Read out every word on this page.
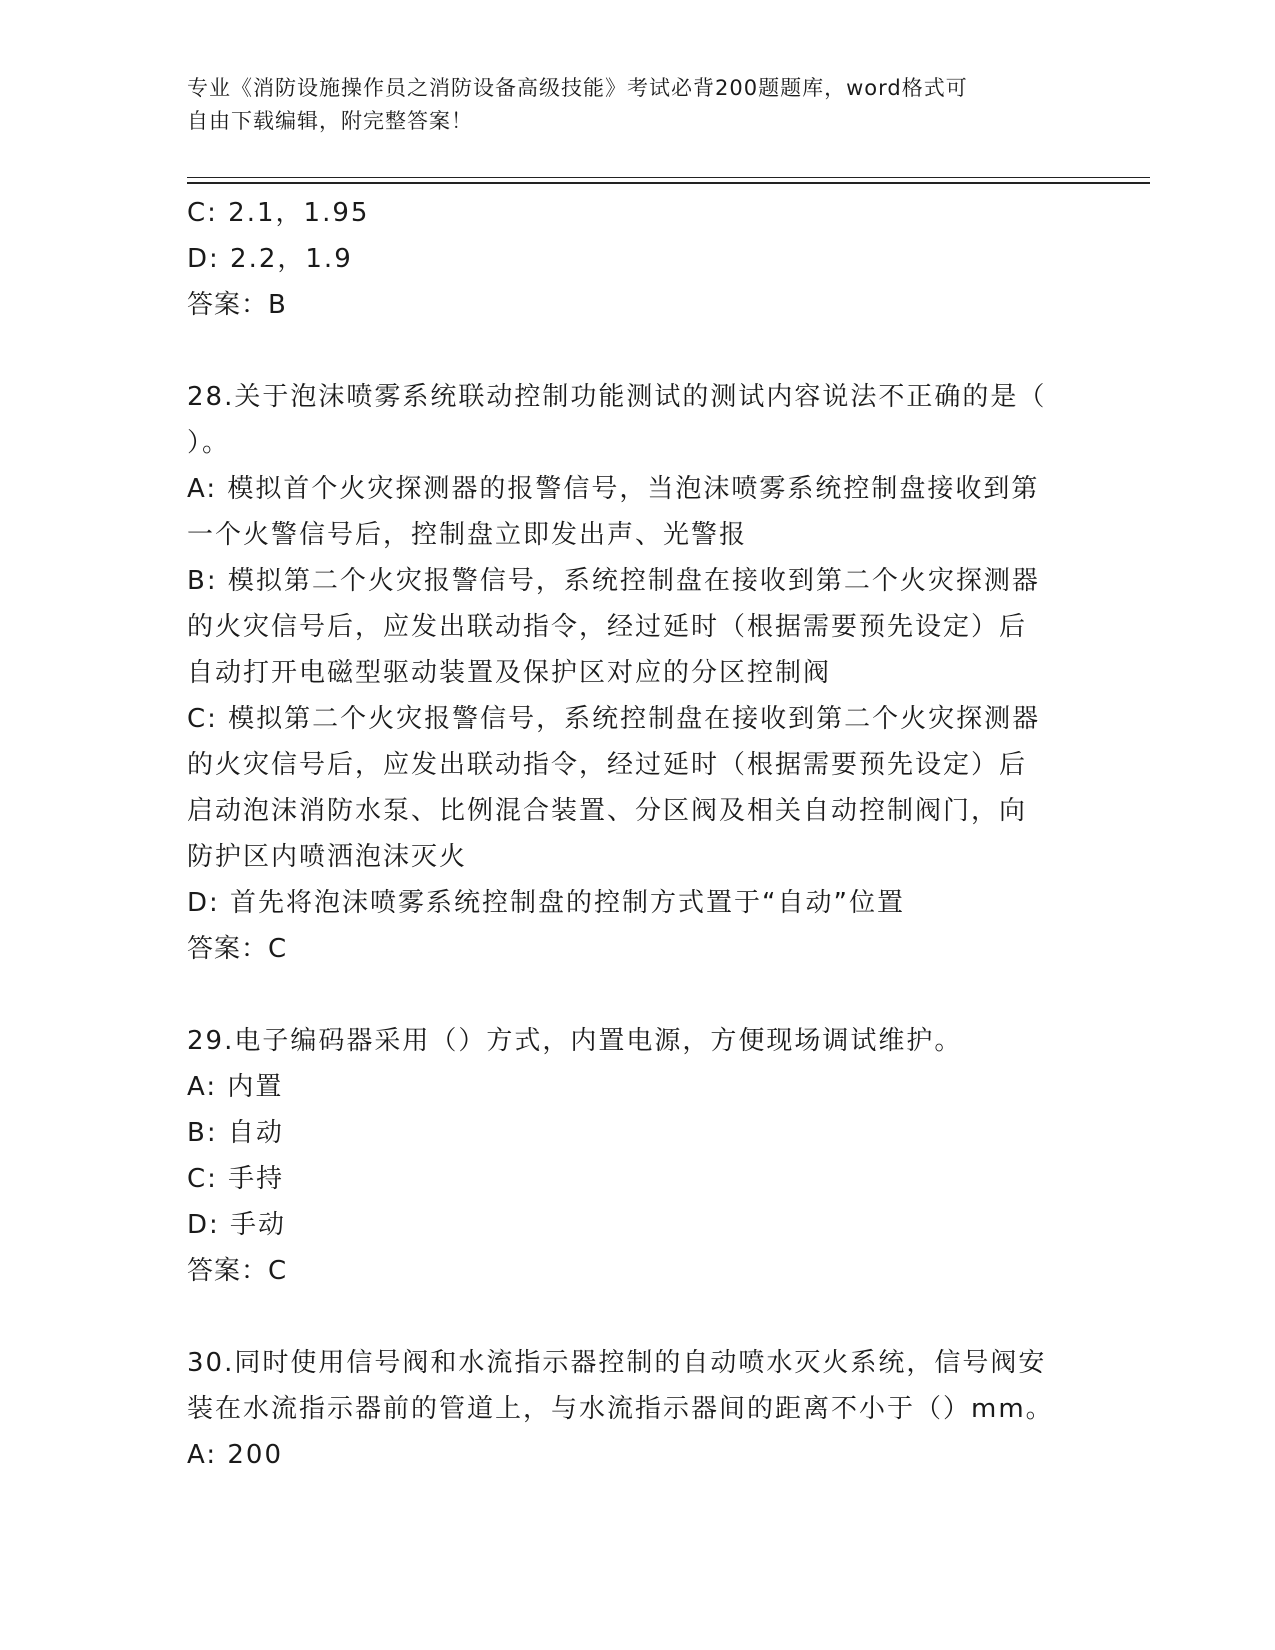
专业《消防设施操作员之消防设备高级技能》考试必背200题题库，word格式可
自由下载编辑，附完整答案！
C: 2.1，1.95
D: 2.2，1.9
答案：B
28.关于泡沫喷雾系统联动控制功能测试的测试内容说法不正确的是（
）。
A: 模拟首个火灾探测器的报警信号，当泡沫喷雾系统控制盘接收到第
一个火警信号后，控制盘立即发出声、光警报
B: 模拟第二个火灾报警信号，系统控制盘在接收到第二个火灾探测器
的火灾信号后，应发出联动指令，经过延时（根据需要预先设定）后
自动打开电磁型驱动装置及保护区对应的分区控制阀
C: 模拟第二个火灾报警信号，系统控制盘在接收到第二个火灾探测器
的火灾信号后，应发出联动指令，经过延时（根据需要预先设定）后
启动泡沫消防水泵、比例混合装置、分区阀及相关自动控制阀门，向
防护区内喷洒泡沫灭火
D: 首先将泡沫喷雾系统控制盘的控制方式置于“自动”位置
答案：C
29.电子编码器采用（）方式，内置电源，方便现场调试维护。
A: 内置
B: 自动
C: 手持
D: 手动
答案：C
30.同时使用信号阀和水流指示器控制的自动喷水灭火系统，信号阀安
装在水流指示器前的管道上，与水流指示器间的距离不小于（）mm。
A: 200
